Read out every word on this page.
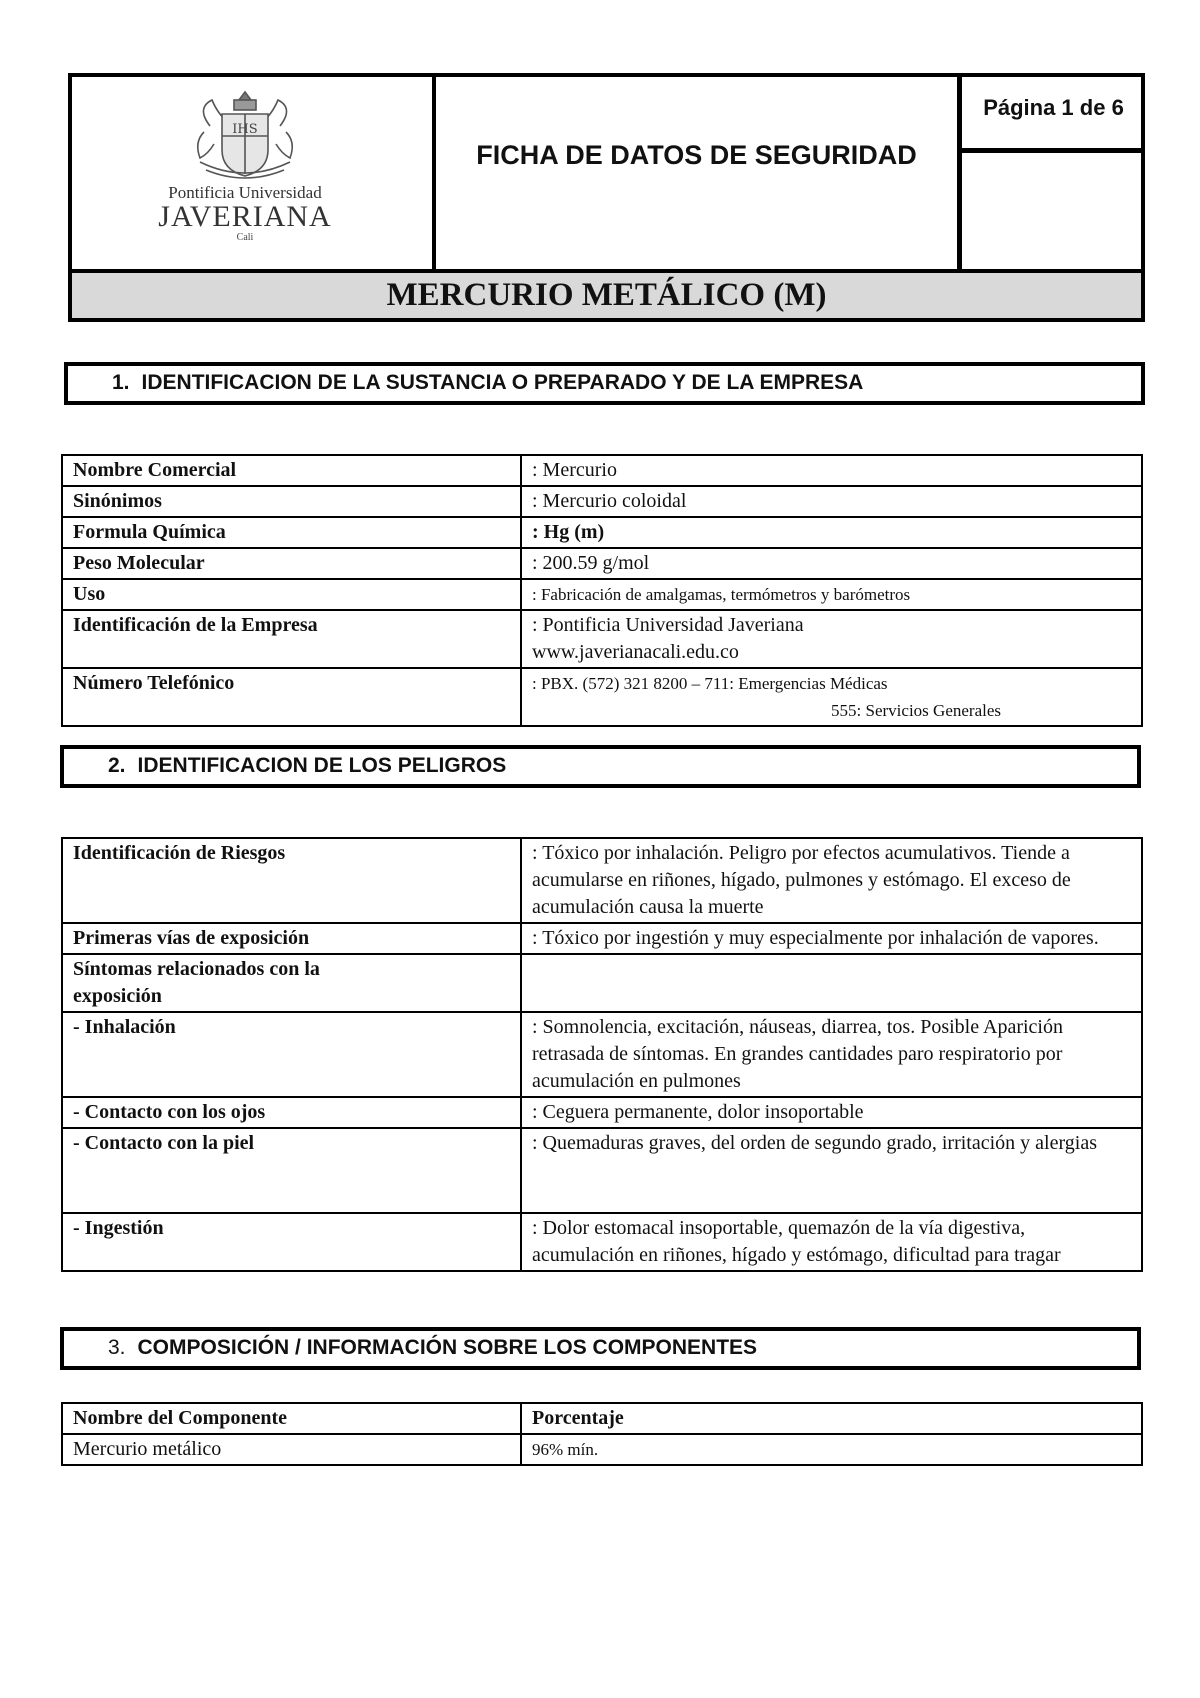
IHS
Pontificia Universidad
JAVERIANA
Cali
FICHA DE DATOS DE SEGURIDAD
Página 1 de 6
MERCURIO METÁLICO (M)
1. IDENTIFICACION DE LA SUSTANCIA O PREPARADO Y DE LA EMPRESA
Nombre Comercial	: Mercurio
Sinónimos	: Mercurio coloidal
Formula Química	: Hg (m)
Peso Molecular	: 200.59 g/mol
Uso	: Fabricación de amalgamas, termómetros y barómetros
Identificación de la Empresa	: Pontificia Universidad Javeriana
www.javerianacali.edu.co

Número Telefónico	: PBX. (572) 321 8200 – 711: Emergencias Médicas
555: Servicios Generales
2. IDENTIFICACION DE LOS PELIGROS
Identificación de Riesgos	: Tóxico por inhalación. Peligro por efectos acumulativos. Tiende a acumularse en riñones, hígado, pulmones y estómago. El exceso de acumulación causa la muerte
Primeras vías de exposición	: Tóxico por ingestión y muy especialmente por inhalación de vapores.
Síntomas relacionados con la exposición	
- Inhalación	: Somnolencia, excitación, náuseas, diarrea, tos. Posible Aparición retrasada de síntomas. En grandes cantidades paro respiratorio por acumulación en pulmones
- Contacto con los ojos	: Ceguera permanente, dolor insoportable
- Contacto con la piel	: Quemaduras graves, del orden de segundo grado, irritación y alergias
- Ingestión	: Dolor estomacal insoportable, quemazón de la vía digestiva, acumulación en riñones, hígado y estómago, dificultad para tragar
3. COMPOSICIÓN / INFORMACIÓN SOBRE LOS COMPONENTES
Nombre del Componente	Porcentaje
Mercurio metálico	96% mín.
